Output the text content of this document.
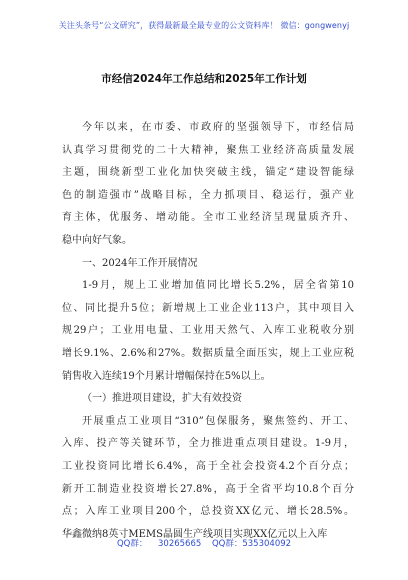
关注头条号“公文研究”，获得最新最全最专业的公文资料库！ 微信：gongwenyj
市经信2024年工作总结和2025年工作计划
今年以来，在市委、市政府的坚强领导下，市经信局
认真学习贯彻党的二十大精神，聚焦工业经济高质量发展
主题，围绕新型工业化加快突破主线，锚定“建设智能绿
色的制造强市”战略目标，全力抓项目、稳运行，强产业
育主体，优服务、增动能。全市工业经济呈现量质齐升、
稳中向好气象。
一、2024年工作开展情况
1-9月，规上工业增加值同比增长5.2%，居全省第10
位、同比提升5位；新增规上工业企业113户，其中项目入
规29户；工业用电量、工业用天然气、入库工业税收分别
增长9.1%、2.6%和27%。数据质量全面压实，规上工业应税
销售收入连续19个月累计增幅保持在5%以上。
（一）推进项目建设，扩大有效投资
开展重点工业项目“310”包保服务，聚焦签约、开工、
入库、投产等关键环节，全力推进重点项目建设。1-9月，
工业投资同比增长6.4%，高于全社会投资4.2个百分点；
新开工制造业投资增长27.8%，高于全省平均10.8个百分
点；入库工业项目200个，总投资XX亿元、增长28.5%。
华鑫微纳8英寸MEMS晶圆生产线项目实现XX亿元以上入库
QQ群： 30265665 QQ群：535304092
